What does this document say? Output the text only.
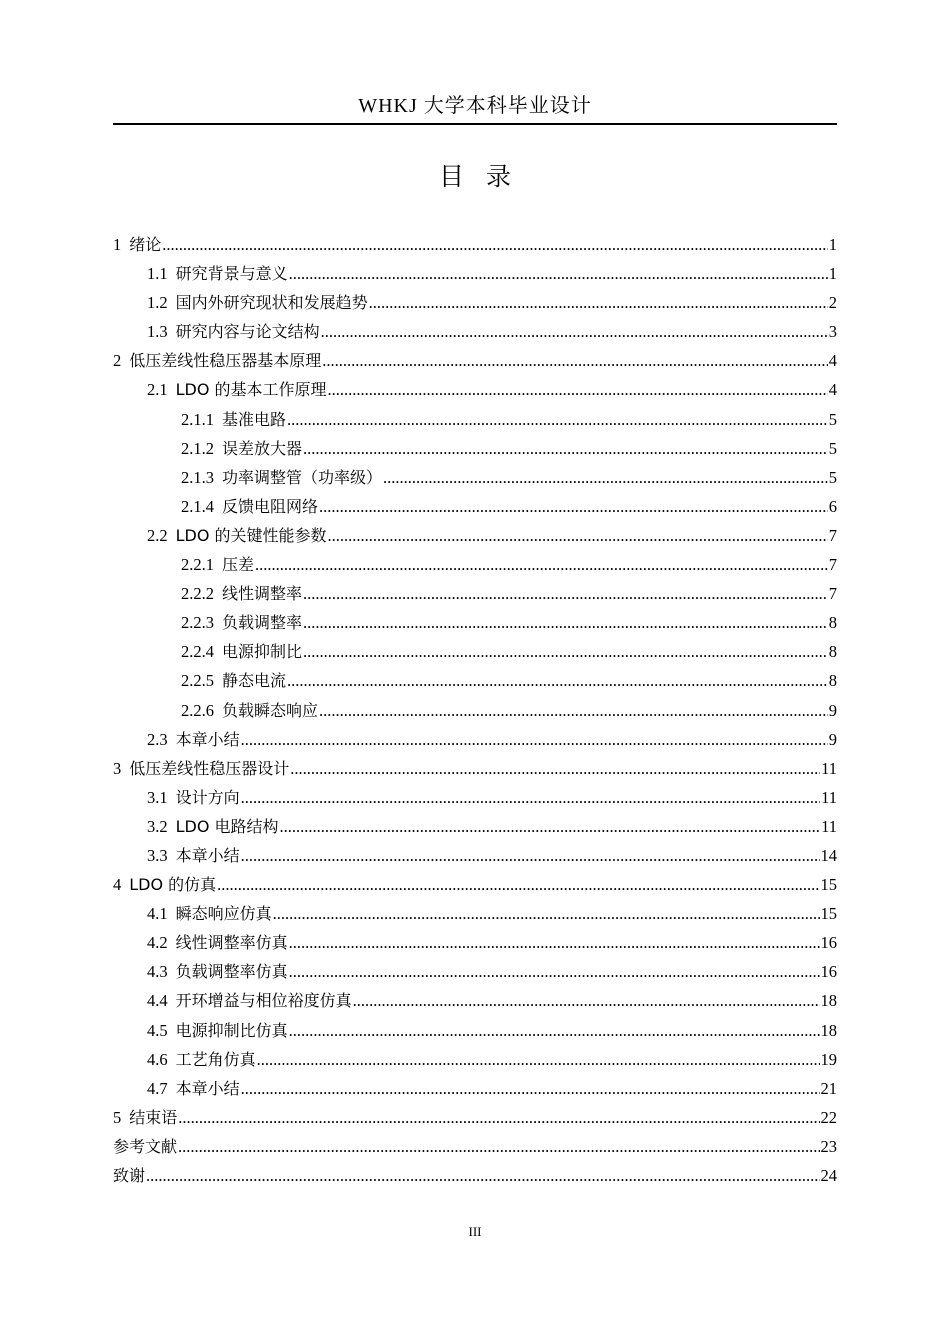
WHKJ 大学本科毕业设计
目录
1 绪论 .....	1
1.1 研究背景与意义 .....	1
1.2 国内外研究现状和发展趋势 .....	2
1.3 研究内容与论文结构 .....	3
2 低压差线性稳压器基本原理 .....	4
2.1 LDO 的基本工作原理 .....	4
2.1.1 基准电路 .....	5
2.1.2 误差放大器 .....	5
2.1.3 功率调整管（功率级） .....	5
2.1.4 反馈电阻网络 .....	6
2.2 LDO 的关键性能参数 .....	7
2.2.1 压差 .....	7
2.2.2 线性调整率 .....	7
2.2.3 负载调整率 .....	8
2.2.4 电源抑制比 .....	8
2.2.5 静态电流 .....	8
2.2.6 负载瞬态响应 .....	9
2.3 本章小结 .....	9
3 低压差线性稳压器设计 .....	11
3.1 设计方向 .....	11
3.2 LDO 电路结构 .....	11
3.3 本章小结 .....	14
4 LDO 的仿真 .....	15
4.1 瞬态响应仿真 .....	15
4.2 线性调整率仿真 .....	16
4.3 负载调整率仿真 .....	16
4.4 开环增益与相位裕度仿真 .....	18
4.5 电源抑制比仿真 .....	18
4.6 工艺角仿真 .....	19
4.7 本章小结 .....	21
5 结束语 .....	22
参考文献 .....	23
致谢 .....	24
III
